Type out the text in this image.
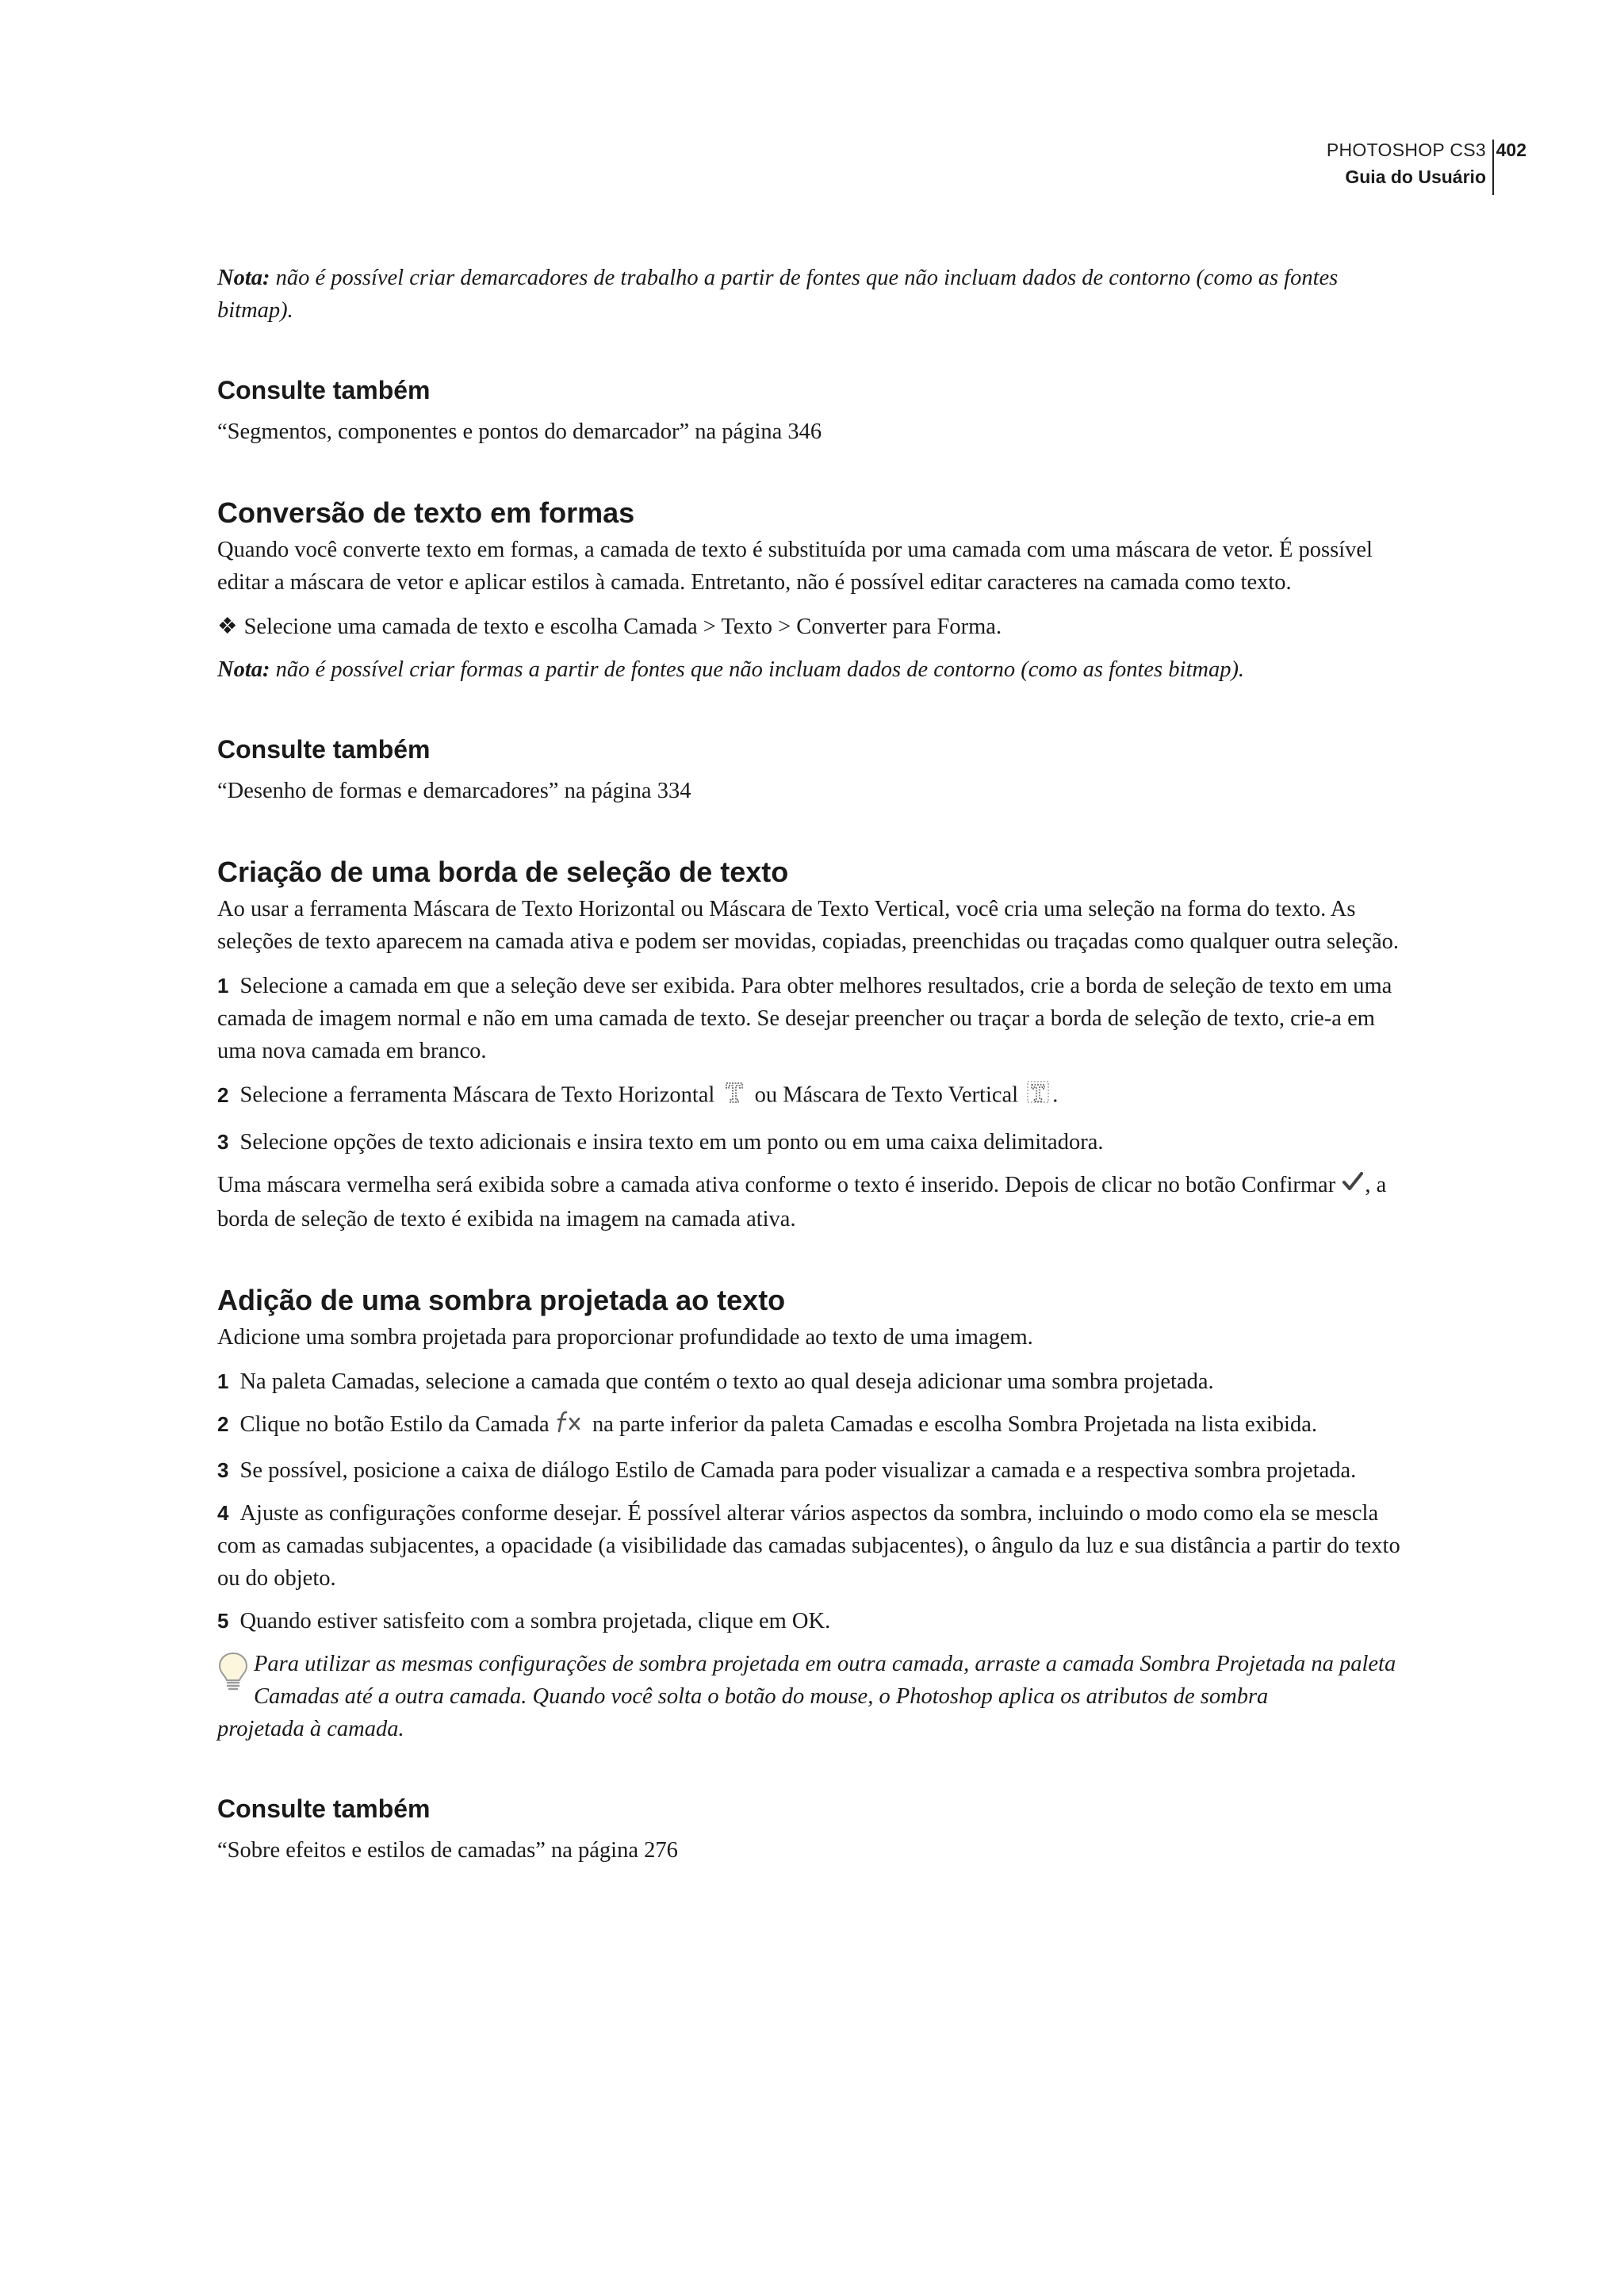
PHOTOSHOP CS3
Guia do Usuário
402

Nota: não é possível criar demarcadores de trabalho a partir de fontes que não incluam dados de contorno (como as fontes bitmap).

Consulte também

“Segmentos, componentes e pontos do demarcador” na página 346

Conversão de texto em formas

Quando você converte texto em formas, a camada de texto é substituída por uma camada com uma máscara de vetor. É possível editar a máscara de vetor e aplicar estilos à camada. Entretanto, não é possível editar caracteres na camada como texto.

❖ Selecione uma camada de texto e escolha Camada > Texto > Converter para Forma.

Nota: não é possível criar formas a partir de fontes que não incluam dados de contorno (como as fontes bitmap).

Consulte também

“Desenho de formas e demarcadores” na página 334

Criação de uma borda de seleção de texto

Ao usar a ferramenta Máscara de Texto Horizontal ou Máscara de Texto Vertical, você cria uma seleção na forma do texto. As seleções de texto aparecem na camada ativa e podem ser movidas, copiadas, preenchidas ou traçadas como qualquer outra seleção.

1 Selecione a camada em que a seleção deve ser exibida. Para obter melhores resultados, crie a borda de seleção de texto em uma camada de imagem normal e não em uma camada de texto. Se desejar preencher ou traçar a borda de seleção de texto, crie-a em uma nova camada em branco.

2 Selecione a ferramenta Máscara de Texto Horizontal ou Máscara de Texto Vertical .

3 Selecione opções de texto adicionais e insira texto em um ponto ou em uma caixa delimitadora.

Uma máscara vermelha será exibida sobre a camada ativa conforme o texto é inserido. Depois de clicar no botão Confirmar , a borda de seleção de texto é exibida na imagem na camada ativa.

Adição de uma sombra projetada ao texto

Adicione uma sombra projetada para proporcionar profundidade ao texto de uma imagem.

1 Na paleta Camadas, selecione a camada que contém o texto ao qual deseja adicionar uma sombra projetada.

2 Clique no botão Estilo da Camada na parte inferior da paleta Camadas e escolha Sombra Projetada na lista exibida.

3 Se possível, posicione a caixa de diálogo Estilo de Camada para poder visualizar a camada e a respectiva sombra projetada.

4 Ajuste as configurações conforme desejar. É possível alterar vários aspectos da sombra, incluindo o modo como ela se mescla com as camadas subjacentes, a opacidade (a visibilidade das camadas subjacentes), o ângulo da luz e sua distância a partir do texto ou do objeto.

5 Quando estiver satisfeito com a sombra projetada, clique em OK.

Para utilizar as mesmas configurações de sombra projetada em outra camada, arraste a camada Sombra Projetada na paleta Camadas até a outra camada. Quando você solta o botão do mouse, o Photoshop aplica os atributos de sombra

projetada à camada.

Consulte também

“Sobre efeitos e estilos de camadas” na página 276
